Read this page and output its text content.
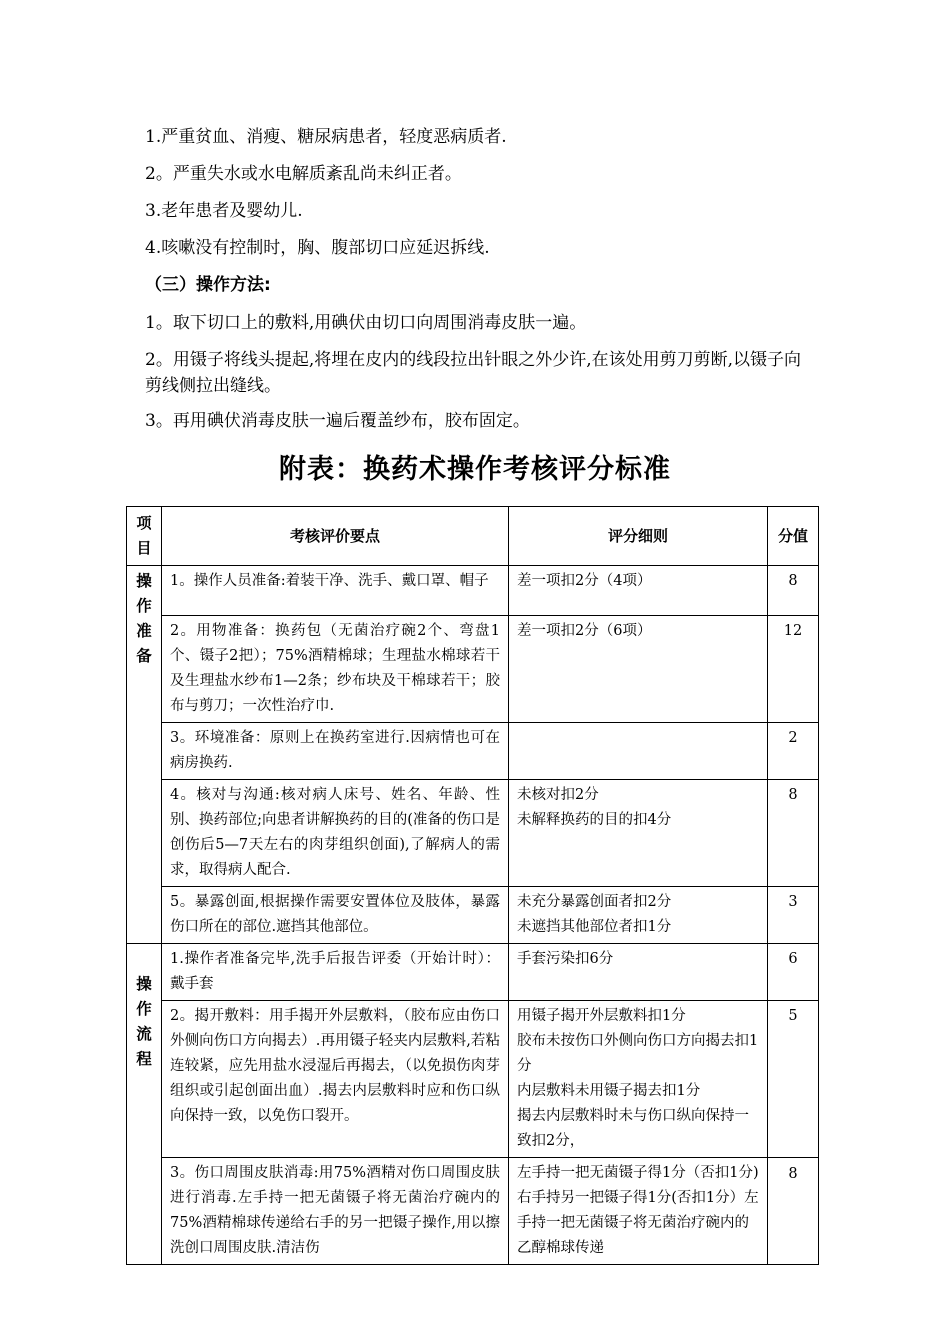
1.严重贫血、消瘦、糖尿病患者，轻度恶病质者.

2。严重失水或水电解质紊乱尚未纠正者。

3.老年患者及婴幼儿.

4.咳嗽没有控制时，胸、腹部切口应延迟拆线.

（三）操作方法:

1。取下切口上的敷料,用碘伏由切口向周围消毒皮肤一遍。

2。用镊子将线头提起,将埋在皮内的线段拉出针眼之外少许,在该处用剪刀剪断,以镊子向剪线侧拉出缝线。

3。再用碘伏消毒皮肤一遍后覆盖纱布，胶布固定。

附表：换药术操作考核评分标准
项目	考核评价要点	评分细则	分值
操作准备	1。操作人员准备:着装干净、洗手、戴口罩、帽子	差一项扣2分（4项）	8
	2。用物准备：换药包（无菌治疗碗2个、弯盘1个、镊子2把）；75%酒精棉球；生理盐水棉球若干及生理盐水纱布1—2条；纱布块及干棉球若干；胶布与剪刀；一次性治疗巾.	差一项扣2分（6项）	12
	3。环境准备：原则上在换药室进行.因病情也可在病房换药.		2
	4。核对与沟通:核对病人床号、姓名、年龄、性别、换药部位;向患者讲解换药的目的(准备的伤口是创伤后5—7天左右的肉芽组织创面),了解病人的需求，取得病人配合.	未核对扣2分
未解释换药的目的扣4分	8
	5。暴露创面,根据操作需要安置体位及肢体，暴露伤口所在的部位.遮挡其他部位。	未充分暴露创面者扣2分
未遮挡其他部位者扣1分	3
操作流程	1.操作者准备完毕,洗手后报告评委（开始计时）：戴手套	手套污染扣6分	6
	2。揭开敷料：用手揭开外层敷料，（胶布应由伤口外侧向伤口方向揭去）.再用镊子轻夹内层敷料,若粘连较紧，应先用盐水浸湿后再揭去，（以免损伤肉芽组织或引起创面出血）.揭去内层敷料时应和伤口纵向保持一致，以免伤口裂开。	用镊子揭开外层敷料扣1分
胶布未按伤口外侧向伤口方向揭去扣1分
内层敷料未用镊子揭去扣1分
揭去内层敷料时未与伤口纵向保持一致扣2分，	5
	3。伤口周围皮肤消毒:用75%酒精对伤口周围皮肤进行消毒.左手持一把无菌镊子将无菌治疗碗内的75%酒精棉球传递给右手的另一把镊子操作,用以擦洗创口周围皮肤.清洁伤	左手持一把无菌镊子得1分（否扣1分)右手持另一把镊子得1分(否扣1分）左手持一把无菌镊子将无菌治疗碗内的乙醇棉球传递	8
